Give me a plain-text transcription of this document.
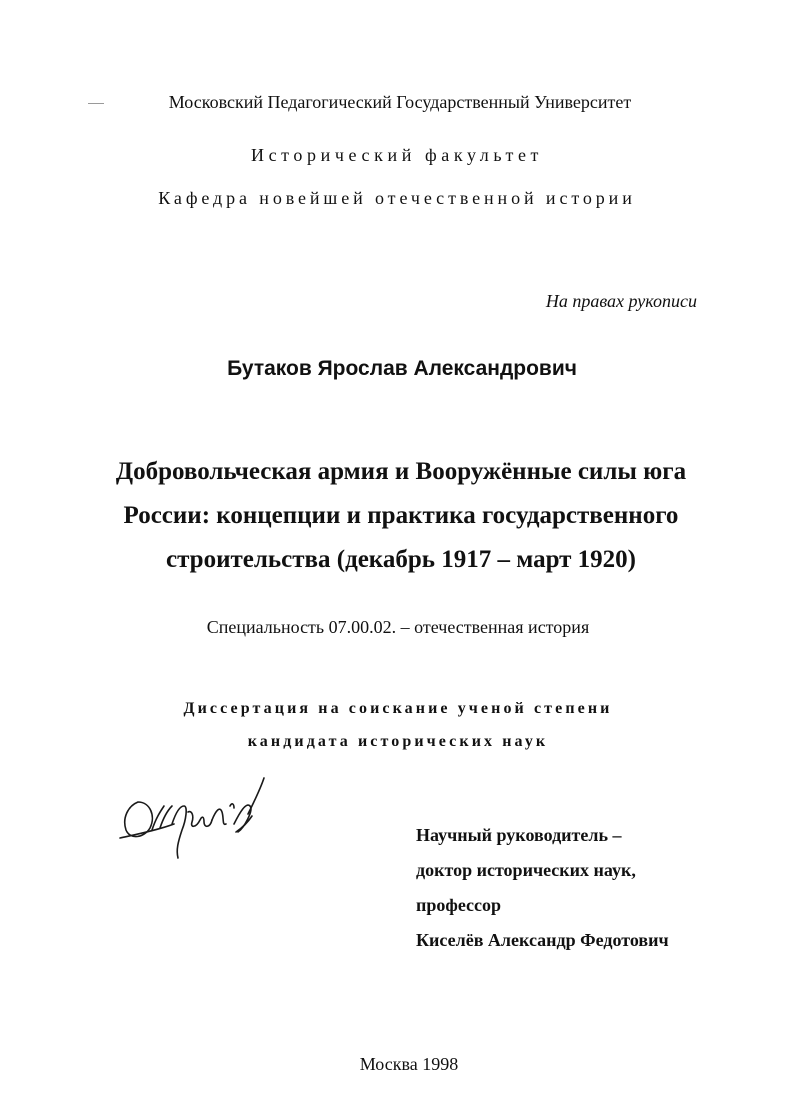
Московский Педагогический Государственный Университет

Исторический факультет

Кафедра новейшей отечественной истории

На правах рукописи

Бутаков Ярослав Александрович

Добровольческая армия и Вооружённые силы юга
России: концепции и практика государственного
строительства (декабрь 1917 – март 1920)

Специальность 07.00.02. – отечественная история

Диссертация на соискание ученой степени
кандидата исторических наук
Научный руководитель –
доктор исторических наук,
профессор
Киселёв Александр Федотович

Москва 1998
